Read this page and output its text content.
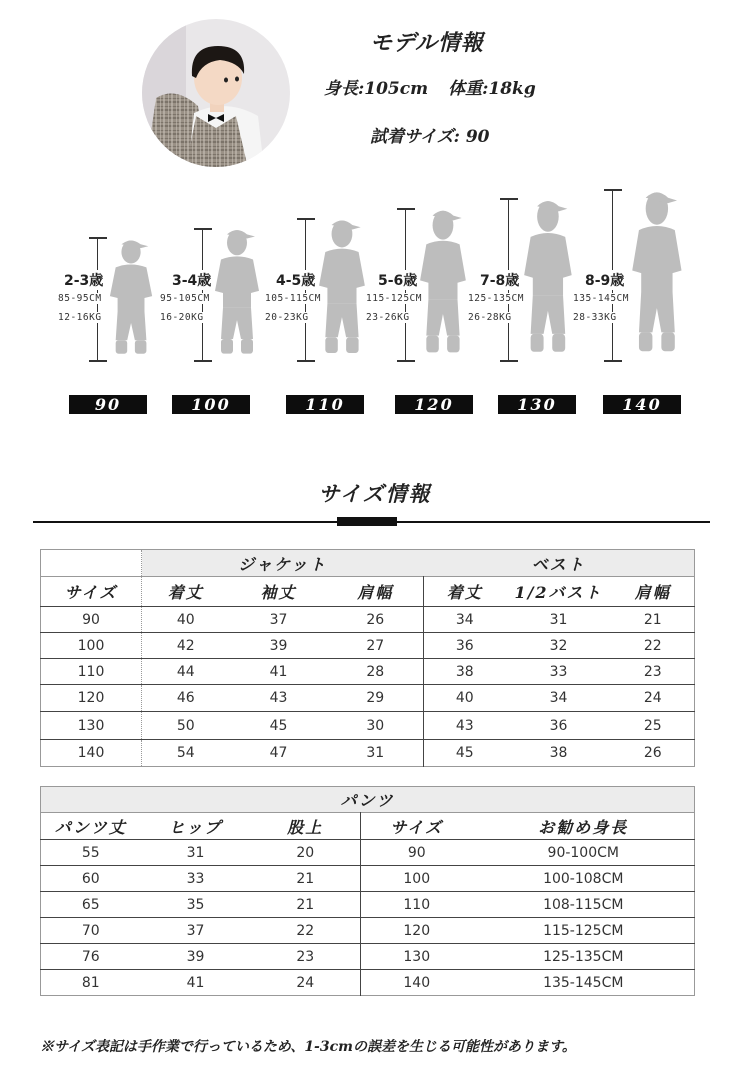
モデル情報
身長:105cm 体重:18kg
試着サイズ: 90
2-3歳
85-95CM
12-16KG
90
3-4歳
95-105CM
16-20KG
100
4-5歳
105-115CM
20-23KG
110
5-6歳
115-125CM
23-26KG
120
7-8歳
125-135CM
26-28KG
130
8-9歳
135-145CM
28-33KG
140
サイズ情報
	ジャケット			ベスト		
サイズ	着丈	袖丈	肩幅	着丈	1/2バスト	肩幅
90	40	37	26	34	31	21
100	42	39	27	36	32	22
110	44	41	28	38	33	23
120	46	43	29	40	34	24
130	50	45	30	43	36	25
140	54	47	31	45	38	26
パンツ				
パンツ丈	ヒップ	股上	サイズ	お勧め身長
55	31	20	90	90-100CM
60	33	21	100	100-108CM
65	35	21	110	108-115CM
70	37	22	120	115-125CM
76	39	23	130	125-135CM
81	41	24	140	135-145CM
※サイズ表記は手作業で行っているため、1-3cmの誤差を生じる可能性があります。
